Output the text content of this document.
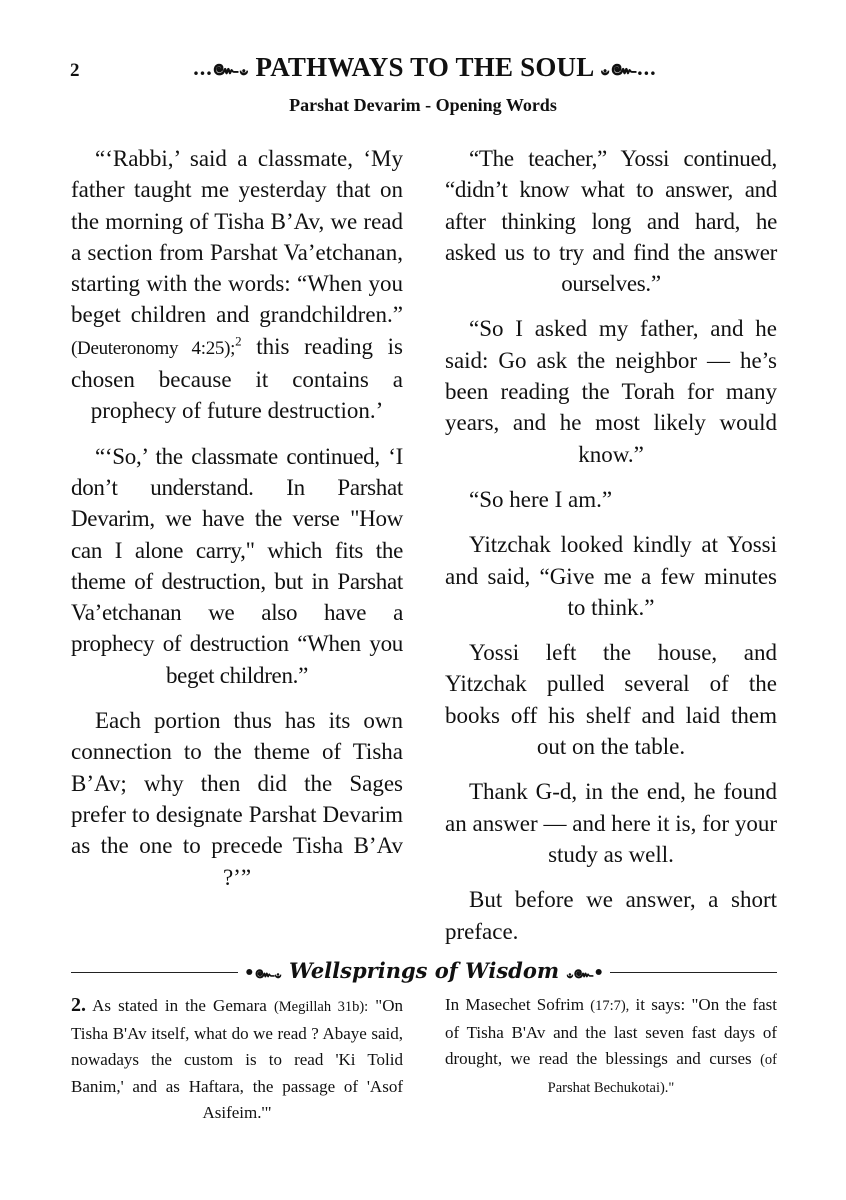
2	...๛ಀ PATHWAYS TO THE SOUL ಀ๛...
Parshat Devarim - Opening Words

“‘Rabbi,’ said a classmate, ‘My father taught me yesterday that on the morning of Tisha B’Av, we read a section from Parshat Va’etchanan, starting with the words: “When you beget children and grandchildren.” (Deuteronomy 4:25);$^2$ this reading is chosen because it contains a prophecy of future destruction.’

“‘So,’ the classmate continued, ‘I don’t understand. In Parshat Devarim, we have the verse "How can I alone carry," which fits the theme of destruction, but in Parshat Va’etchanan we also have a prophecy of destruction “When you beget children.”

Each portion thus has its own connection to the theme of Tisha B’Av; why then did the Sages prefer to designate Parshat Devarim as the one to precede Tisha B’Av ?’”

“The teacher,” Yossi continued, “didn’t know what to answer, and after thinking long and hard, he asked us to try and find the answer ourselves.”

“So I asked my father, and he said: Go ask the neighbor — he’s been reading the Torah for many years, and he most likely would know.”

“So here I am.”

Yitzchak looked kindly at Yossi and said, “Give me a few minutes to think.”

Yossi left the house, and Yitzchak pulled several of the books off his shelf and laid them out on the table.

Thank G-d, in the end, he found an answer — and here it is, for your study as well.

But before we answer, a short preface.

•๛ಀ Wellsprings of Wisdom ಀ๛•

2. As stated in the Gemara (Megillah 31b): "On Tisha B'Av itself, what do we read ? Abaye said, nowadays the custom is to read 'Ki Tolid Banim,' and as Haftara, the passage of 'Asof Asifeim.'"

In Masechet Sofrim (17:7), it says: "On the fast of Tisha B'Av and the last seven fast days of drought, we read the blessings and curses (of Parshat Bechukotai)."
